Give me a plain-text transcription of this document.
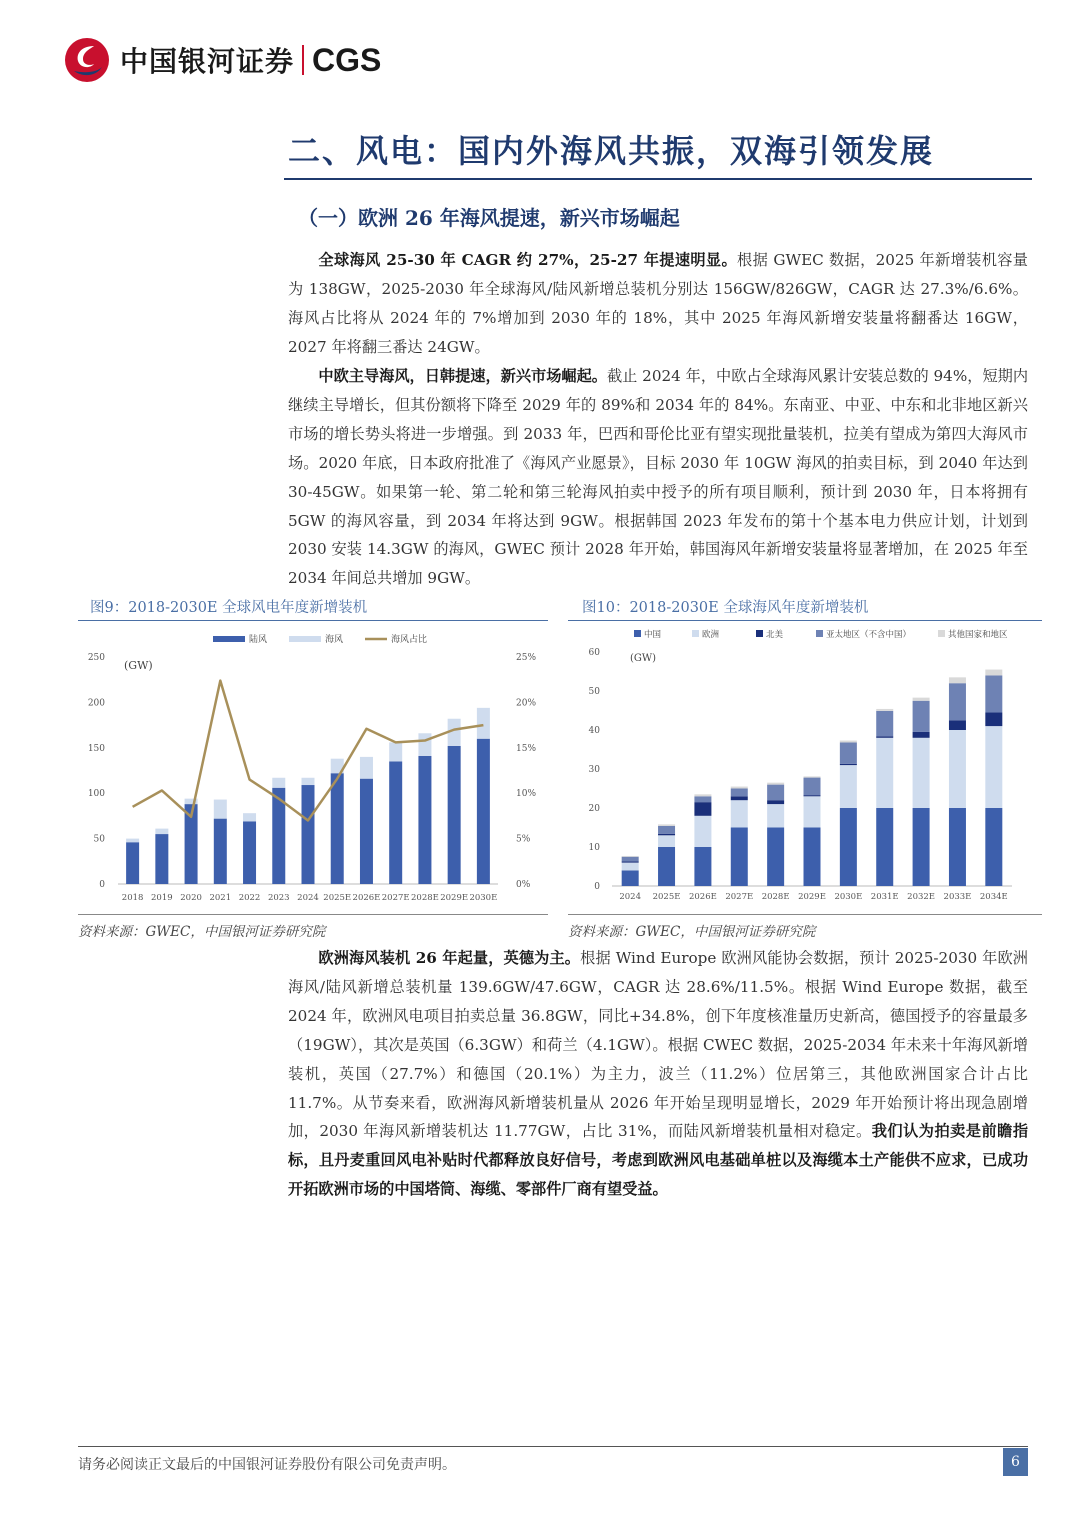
中国银河证券 CGS
二、风电：国内外海风共振，双海引领发展
（一）欧洲 26 年海风提速，新兴市场崛起

全球海风 25-30 年 CAGR 约 27%，25-27 年提速明显。根据 GWEC 数据，2025 年新增装机容量为 138GW，2025-2030 年全球海风/陆风新增总装机分别达 156GW/826GW，CAGR 达 27.3%/6.6%。海风占比将从 2024 年的 7%增加到 2030 年的 18%，其中 2025 年海风新增安装量将翻番达 16GW，2027 年将翻三番达 24GW。

中欧主导海风，日韩提速，新兴市场崛起。截止 2024 年，中欧占全球海风累计安装总数的 94%，短期内继续主导增长，但其份额将下降至 2029 年的 89%和 2034 年的 84%。东南亚、中亚、中东和北非地区新兴市场的增长势头将进一步增强。到 2033 年，巴西和哥伦比亚有望实现批量装机，拉美有望成为第四大海风市场。2020 年底，日本政府批准了《海风产业愿景》，目标 2030 年 10GW 海风的拍卖目标，到 2040 年达到 30-45GW。如果第一轮、第二轮和第三轮海风拍卖中授予的所有项目顺利，预计到 2030 年，日本将拥有 5GW 的海风容量，到 2034 年将达到 9GW。根据韩国 2023 年发布的第十个基本电力供应计划，计划到 2030 安装 14.3GW 的海风，GWEC 预计 2028 年开始，韩国海风年新增安装量将显著增加，在 2025 年至 2034 年间总共增加 9GW。

图9：2018-2030E 全球风电年度新增装机
0
50
100
150
200
250
0%
5%
10%
15%
20%
25%
(GW)
2018 2019 2020 2021 2022 2023 2024 2025E 2026E 2027E 2028E 2029E 2030E
陆风	海风	海风占比
资料来源：GWEC，中国银河证券研究院
图10：2018-2030E 全球海风年度新增装机
0
10
20
30
40
50
60	(GW)
2024 2025E 2026E 2027E 2028E 2029E 2030E 2031E 2032E 2033E 2034E
中国	欧洲	北美	亚太地区（不含中国）	其他国家和地区
资料来源：GWEC，中国银河证券研究院

欧洲海风装机 26 年起量，英德为主。根据 Wind Europe 欧洲风能协会数据，预计 2025-2030 年欧洲海风/陆风新增总装机量 139.6GW/47.6GW，CAGR 达 28.6%/11.5%。根据 Wind Europe 数据，截至 2024 年，欧洲风电项目拍卖总量 36.8GW，同比+34.8%，创下年度核准量历史新高，德国授予的容量最多（19GW），其次是英国（6.3GW）和荷兰（4.1GW）。根据 CWEC 数据，2025-2034 年未来十年海风新增装机，英国（27.7%）和德国（20.1%）为主力，波兰（11.2%）位居第三，其他欧洲国家合计占比 11.7%。从节奏来看，欧洲海风新增装机量从 2026 年开始呈现明显增长，2029 年开始预计将出现急剧增加，2030 年海风新增装机达 11.77GW，占比 31%，而陆风新增装机量相对稳定。我们认为拍卖是前瞻指标，且丹麦重回风电补贴时代都释放良好信号，考虑到欧洲风电基础单桩以及海缆本土产能供不应求，已成功开拓欧洲市场的中国塔筒、海缆、零部件厂商有望受益。

请务必阅读正文最后的中国银河证券股份有限公司免责声明。	6
